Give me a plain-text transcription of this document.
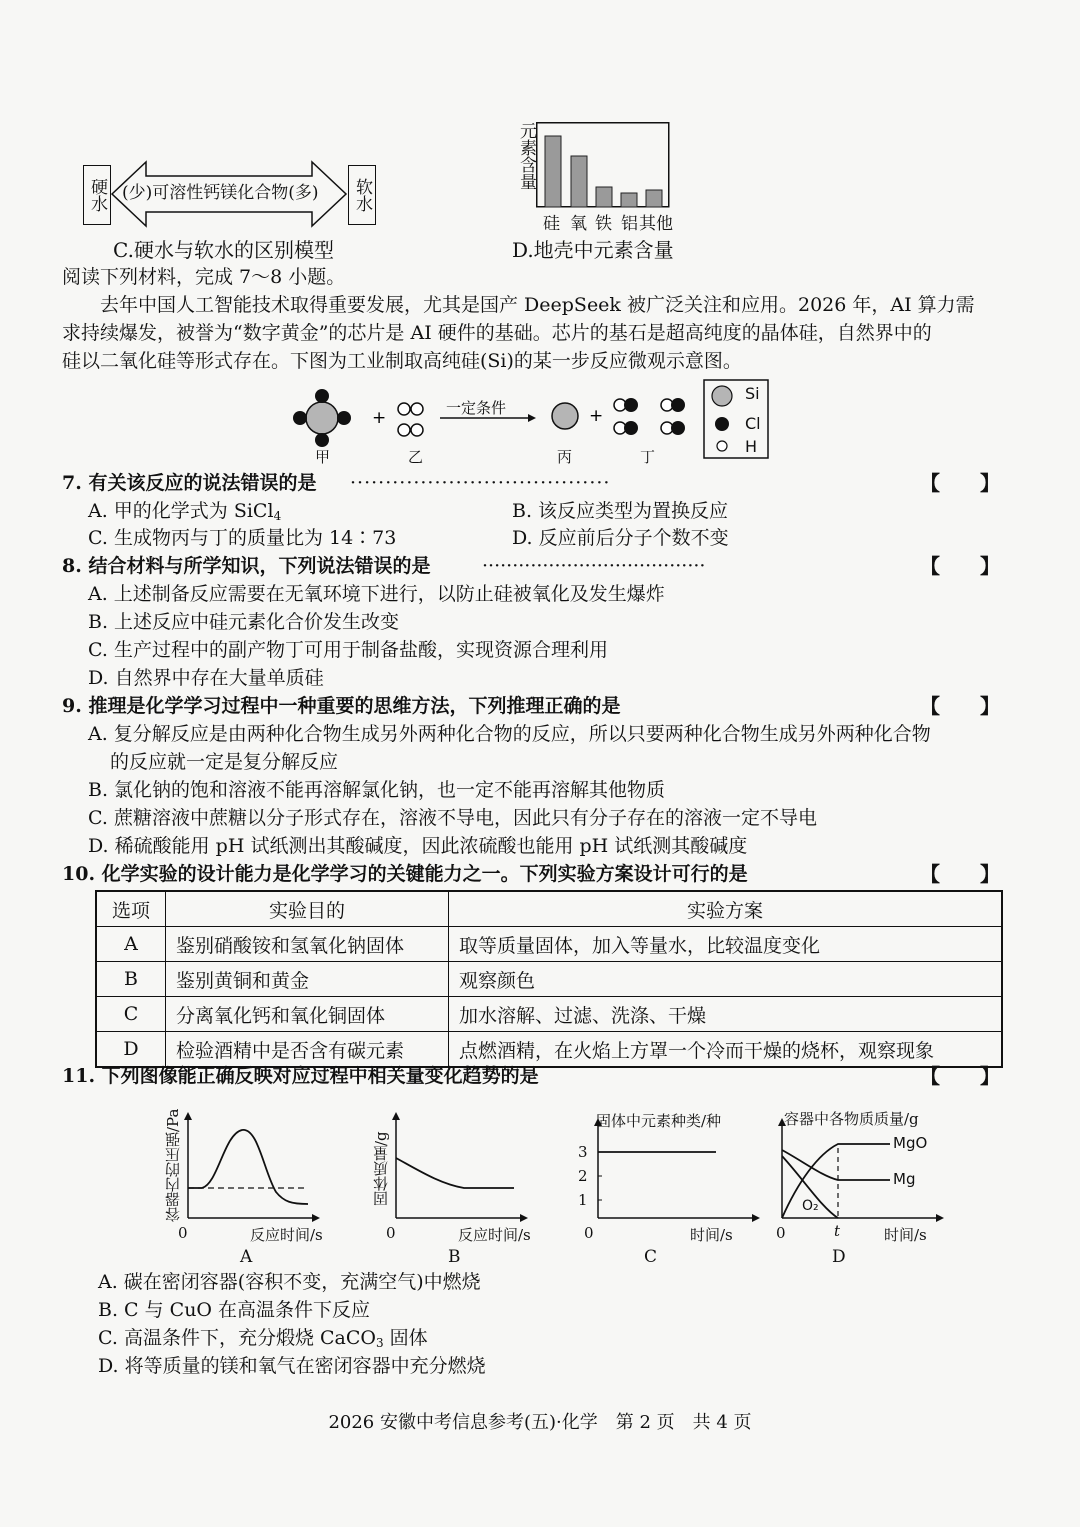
硬水 (少)可溶性钙镁化合物(多) 软水
C.硬水与软水的区别模型
元素含量
硅 氧 铁 铝 其他
D.地壳中元素含量
阅读下列材料，完成 7～8 小题。
去年中国人工智能技术取得重要发展，尤其是国产 DeepSeek 被广泛关注和应用。2026 年，AI 算力需
求持续爆发，被誉为“数字黄金”的芯片是 AI 硬件的基础。芯片的基石是超高纯度的晶体硅，自然界中的
硅以二氧化硅等形式存在。下图为工业制取高纯硅(Si)的某一步反应微观示意图。
+	+
Si
Cl
H
一定条件
甲	乙	丙	丁
7. 有关该反应的说法错误的是 ·····································	【　　】
A. 甲的化学式为 SiCl$_4$	B. 该反应类型为置换反应
C. 生成物丙与丁的质量比为 14∶73	D. 反应前后分子个数不变
8. 结合材料与所学知识，下列说法错误的是	·····································	【　　】
A. 上述制备反应需要在无氧环境下进行，以防止硅被氧化及发生爆炸
B. 上述反应中硅元素化合价发生改变
C. 生产过程中的副产物丁可用于制备盐酸，实现资源合理利用
D. 自然界中存在大量单质硅
9. 推理是化学学习过程中一种重要的思维方法，下列推理正确的是	【　　】
A. 复分解反应是由两种化合物生成另外两种化合物的反应，所以只要两种化合物生成另外两种化合物
的反应就一定是复分解反应
B. 氯化钠的饱和溶液不能再溶解氯化钠，也一定不能再溶解其他物质
C. 蔗糖溶液中蔗糖以分子形式存在，溶液不导电，因此只有分子存在的溶液一定不导电
D. 稀硫酸能用 pH 试纸测出其酸碱度，因此浓硫酸也能用 pH 试纸测其酸碱度
10. 化学实验的设计能力是化学学习的关键能力之一。下列实验方案设计可行的是	【　　】
选项	实验目的	实验方案
A	鉴别硝酸铵和氢氧化钠固体	取等质量固体，加入等量水，比较温度变化
B	鉴别黄铜和黄金	观察颜色
C	分离氧化钙和氧化铜固体	加水溶解、过滤、洗涤、干燥
D	检验酒精中是否含有碳元素	点燃酒精，在火焰上方罩一个冷而干燥的烧杯，观察现象
11. 下列图像能正确反映对应过程中相关量变化趋势的是	【　　】
容器内的压强/Pa
0	反应时间/s
A
固体质量/g
0	反应时间/s
B
固体中元素种类/种
3
2
1
0	时间/s
C
容器中各物质质量/g
MgO
Mg
O₂
t
0	时间/s
D
A. 碳在密闭容器(容积不变，充满空气)中燃烧
B. C 与 CuO 在高温条件下反应
C. 高温条件下，充分煅烧 CaCO$_3$ 固体
D. 将等质量的镁和氧气在密闭容器中充分燃烧
2026 安徽中考信息参考(五)·化学　第 2 页　共 4 页
